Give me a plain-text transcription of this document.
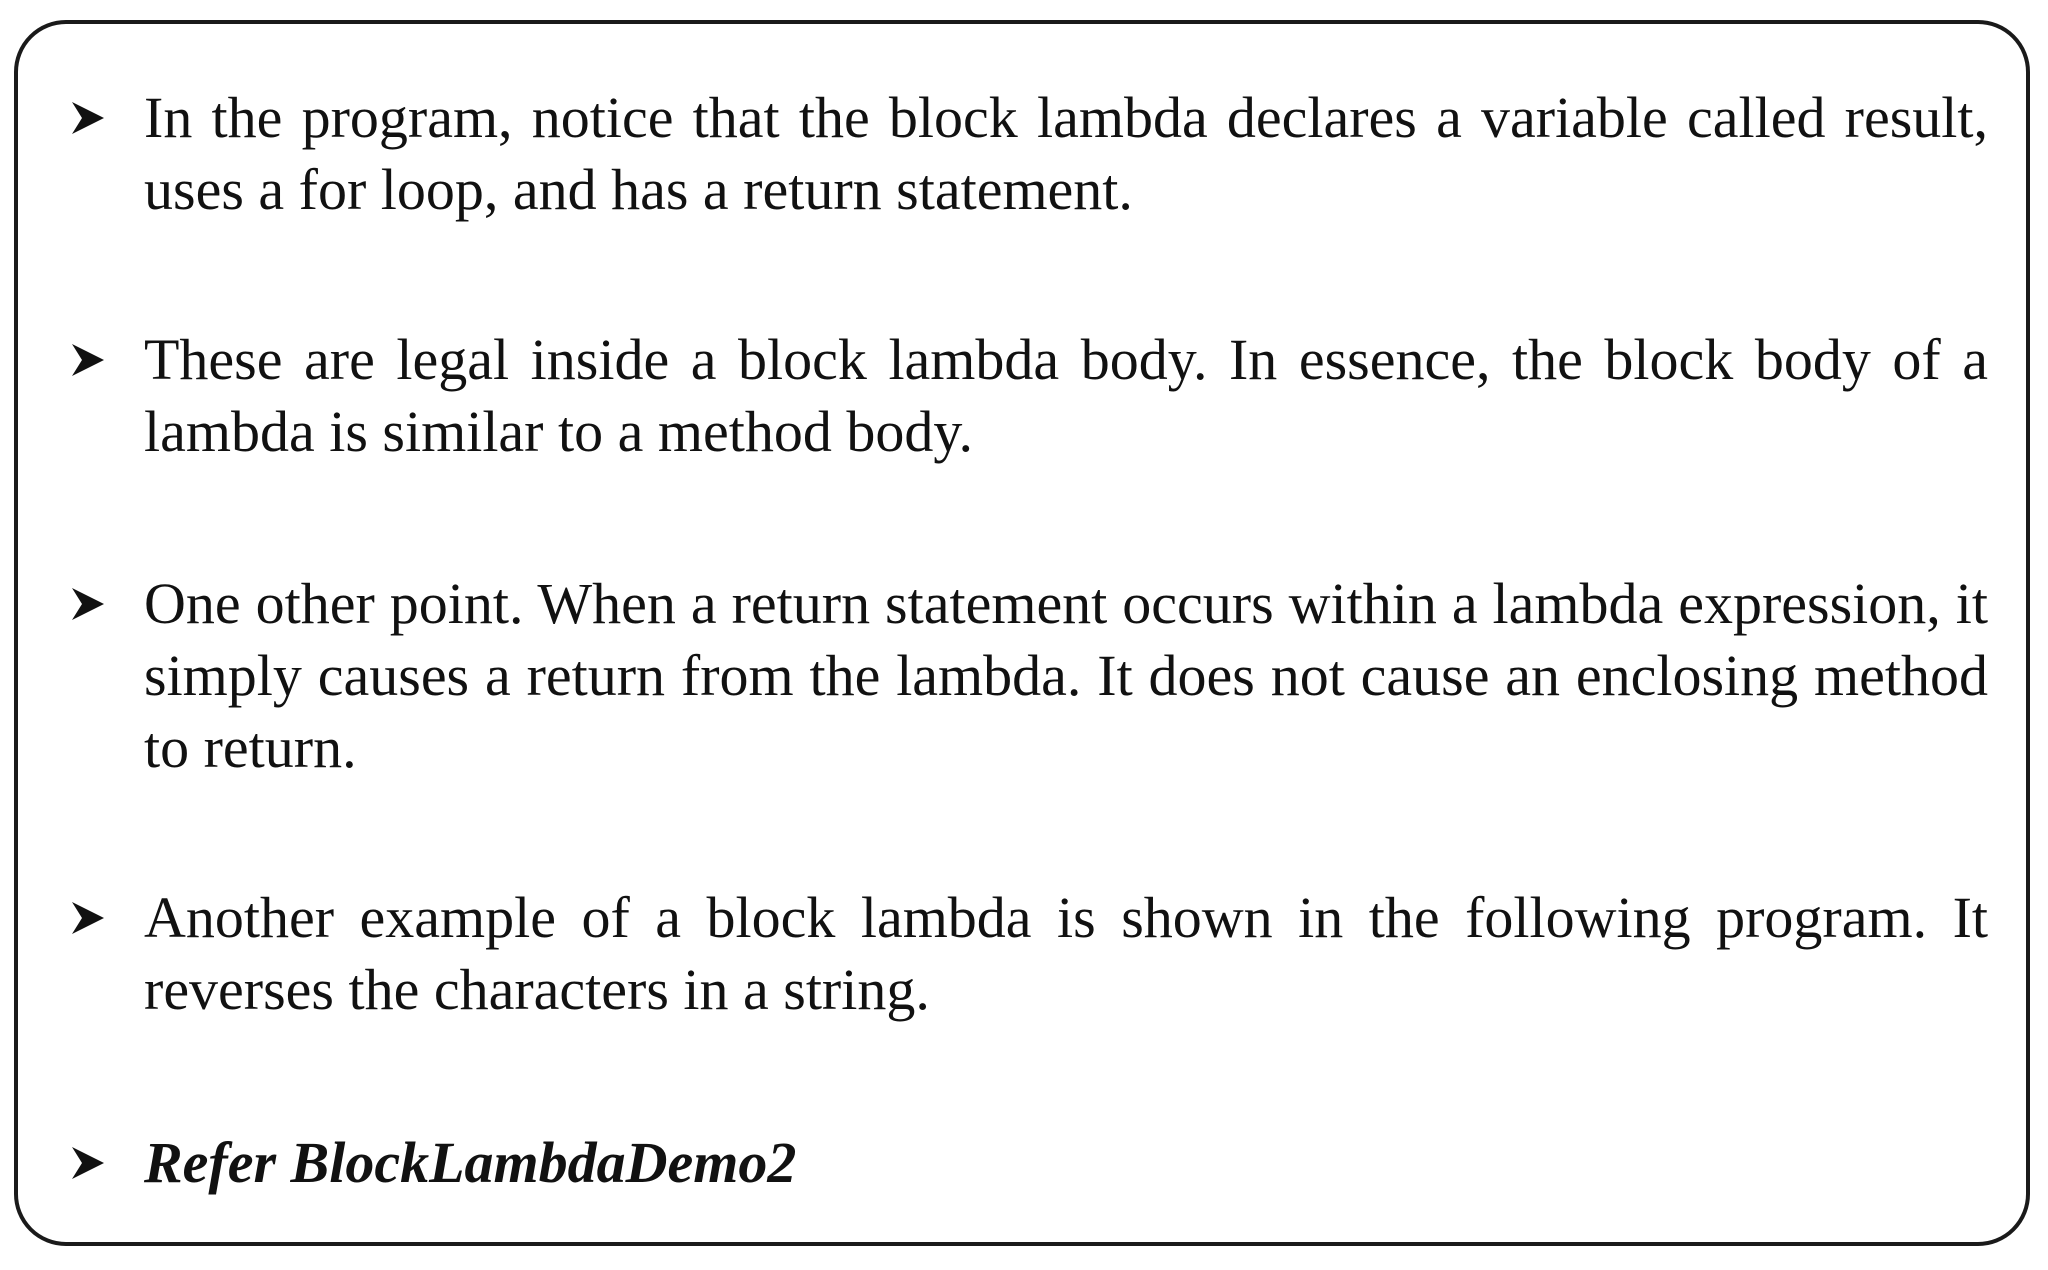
In the program, notice that the block lambda declares a variable called result, uses a for loop, and has a return statement.
These are legal inside a block lambda body. In essence, the block body of a lambda is similar to a method body.
One other point. When a return statement occurs within a lambda expression, it simply causes a return from the lambda. It does not cause an enclosing method to return.
Another example of a block lambda is shown in the following program. It reverses the characters in a string.
Refer BlockLambdaDemo2
